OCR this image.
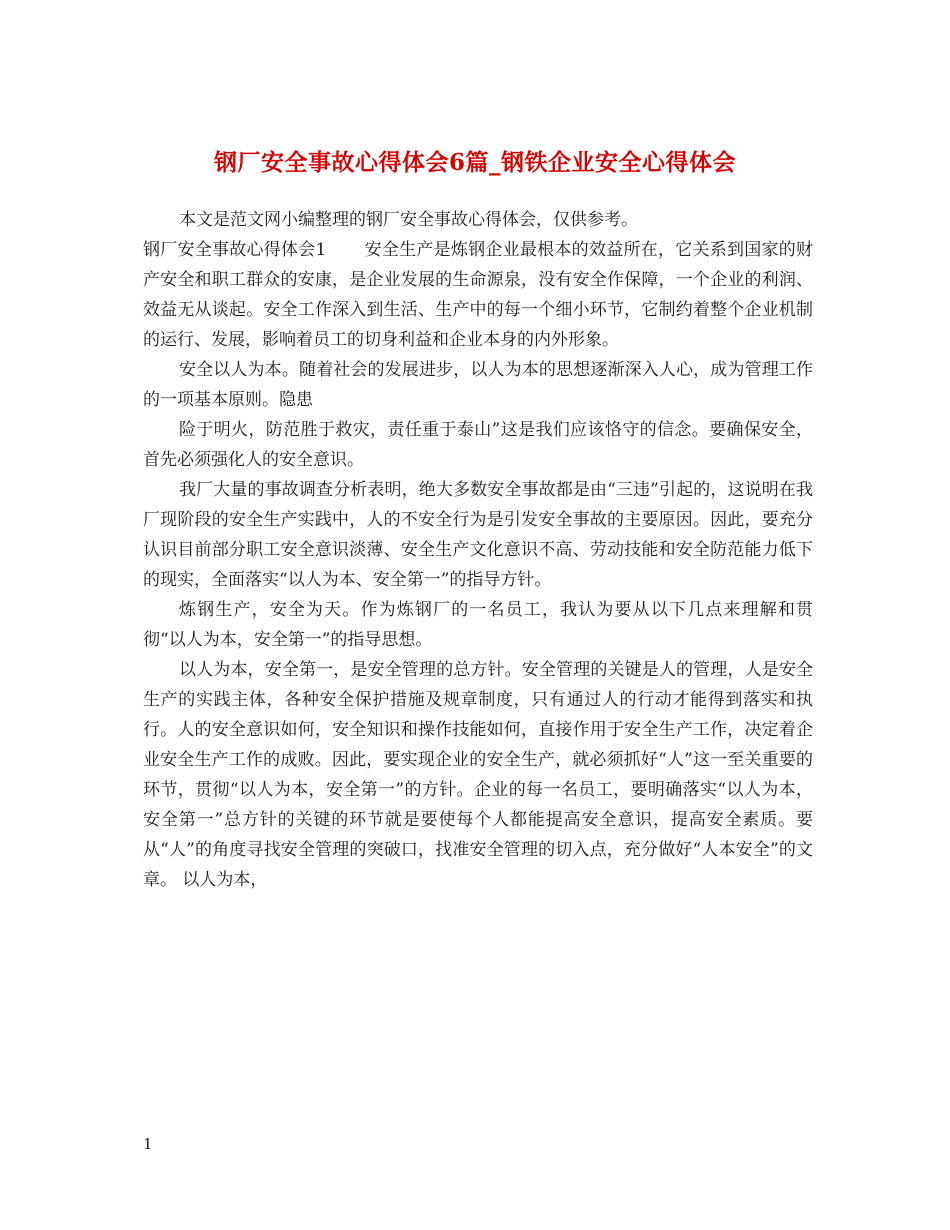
钢厂安全事故心得体会6篇_钢铁企业安全心得体会

本文是范文网小编整理的钢厂安全事故心得体会，仅供参考。

钢厂安全事故心得体会1 安全生产是炼钢企业最根本的效益所在，它关系到国家的财产安全和职工群众的安康，是企业发展的生命源泉，没有安全作保障，一个企业的利润、效益无从谈起。安全工作深入到生活、生产中的每一个细小环节，它制约着整个企业机制的运行、发展，影响着员工的切身利益和企业本身的内外形象。

安全以人为本。随着社会的发展进步，以人为本的思想逐渐深入人心，成为管理工作的一项基本原则。隐患

险于明火，防范胜于救灾，责任重于泰山”这是我们应该恪守的信念。要确保安全，首先必须强化人的安全意识。

我厂大量的事故调查分析表明，绝大多数安全事故都是由“三违”引起的，这说明在我厂现阶段的安全生产实践中，人的不安全行为是引发安全事故的主要原因。因此，要充分认识目前部分职工安全意识淡薄、安全生产文化意识不高、劳动技能和安全防范能力低下的现实，全面落实“以人为本、安全第一”的指导方针。

炼钢生产，安全为天。作为炼钢厂的一名员工，我认为要从以下几点来理解和贯彻“以人为本，安全第一”的指导思想。

以人为本，安全第一，是安全管理的总方针。安全管理的关键是人的管理，人是安全生产的实践主体，各种安全保护措施及规章制度，只有通过人的行动才能得到落实和执行。人的安全意识如何，安全知识和操作技能如何，直接作用于安全生产工作，决定着企业安全生产工作的成败。因此，要实现企业的安全生产，就必须抓好“人”这一至关重要的环节，贯彻“以人为本，安全第一”的方针。企业的每一名员工，要明确落实“以人为本，安全第一”总方针的关键的环节就是要使每个人都能提高安全意识，提高安全素质。要从“人”的角度寻找安全管理的突破口，找准安全管理的切入点，充分做好“人本安全”的文章。 以人为本，

1
